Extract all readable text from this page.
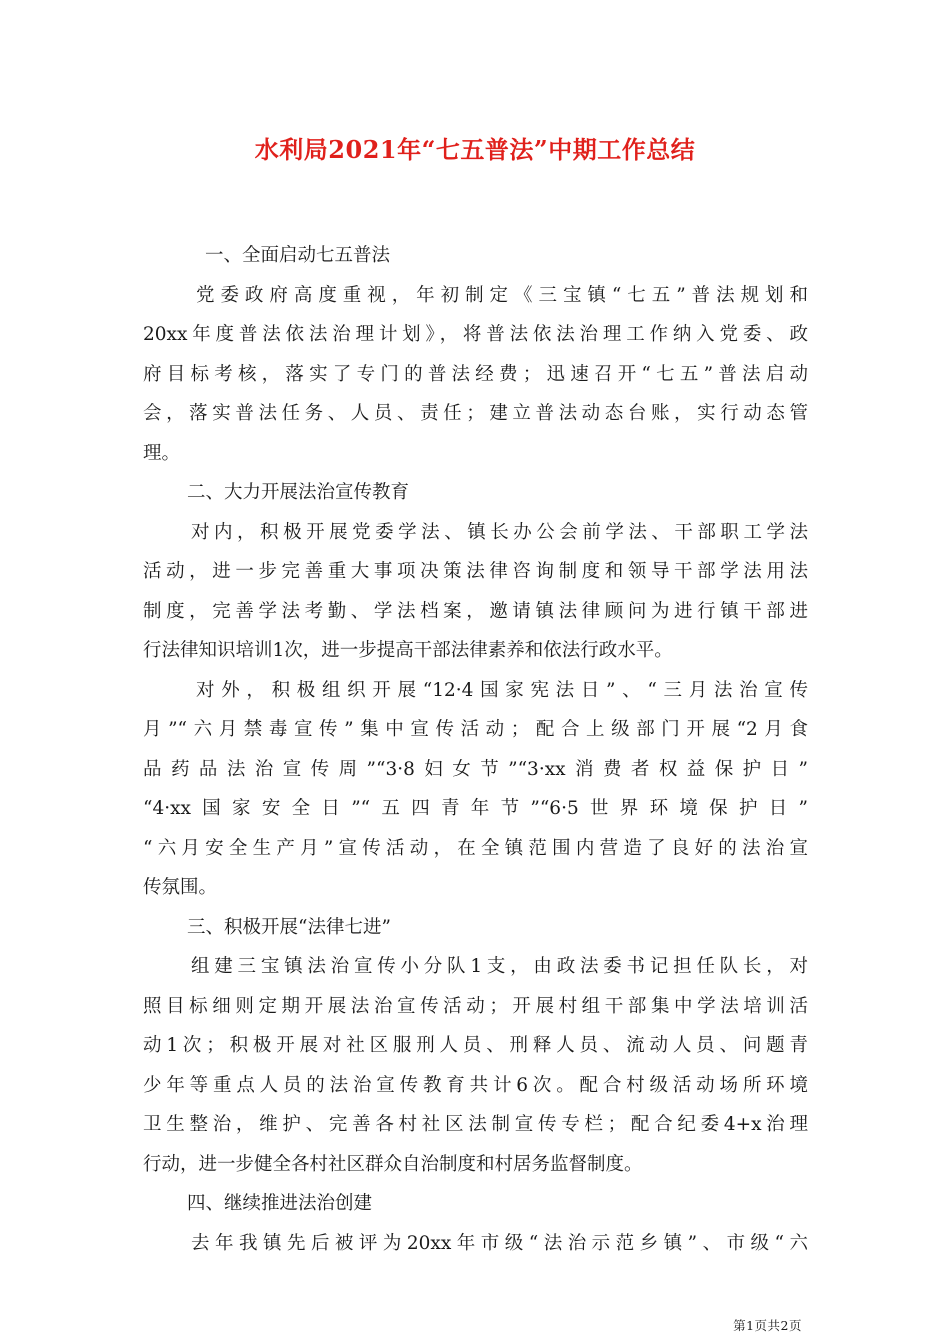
水利局2021年“七五普法”中期工作总结
一、全面启动七五普法
党委政府高度重视，年初制定《三宝镇“七五”普法规划和
20xx年度普法依法治理计划》，将普法依法治理工作纳入党委、政
府目标考核，落实了专门的普法经费；迅速召开“七五”普法启动
会，落实普法任务、人员、责任；建立普法动态台账，实行动态管
理。
二、大力开展法治宣传教育
对内，积极开展党委学法、镇长办公会前学法、干部职工学法
活动，进一步完善重大事项决策法律咨询制度和领导干部学法用法
制度，完善学法考勤、学法档案，邀请镇法律顾问为进行镇干部进
行法律知识培训1次，进一步提高干部法律素养和依法行政水平。
对外，积极组织开展“12·4国家宪法日”、“三月法治宣传
月”“六月禁毒宣传”集中宣传活动；配合上级部门开展“2月食
品药品法治宣传周”“3·8妇女节”“3·xx消费者权益保护日”
“4·xx国家安全日”“五四青年节”“6·5世界环境保护日”
“六月安全生产月”宣传活动，在全镇范围内营造了良好的法治宣
传氛围。
三、积极开展“法律七进”
组建三宝镇法治宣传小分队1支，由政法委书记担任队长，对
照目标细则定期开展法治宣传活动；开展村组干部集中学法培训活
动1次；积极开展对社区服刑人员、刑释人员、流动人员、问题青
少年等重点人员的法治宣传教育共计6次。配合村级活动场所环境
卫生整治，维护、完善各村社区法制宣传专栏；配合纪委4+x治理
行动，进一步健全各村社区群众自治制度和村居务监督制度。
四、继续推进法治创建
去年我镇先后被评为20xx年市级“法治示范乡镇”、市级“六
第1页共2页
